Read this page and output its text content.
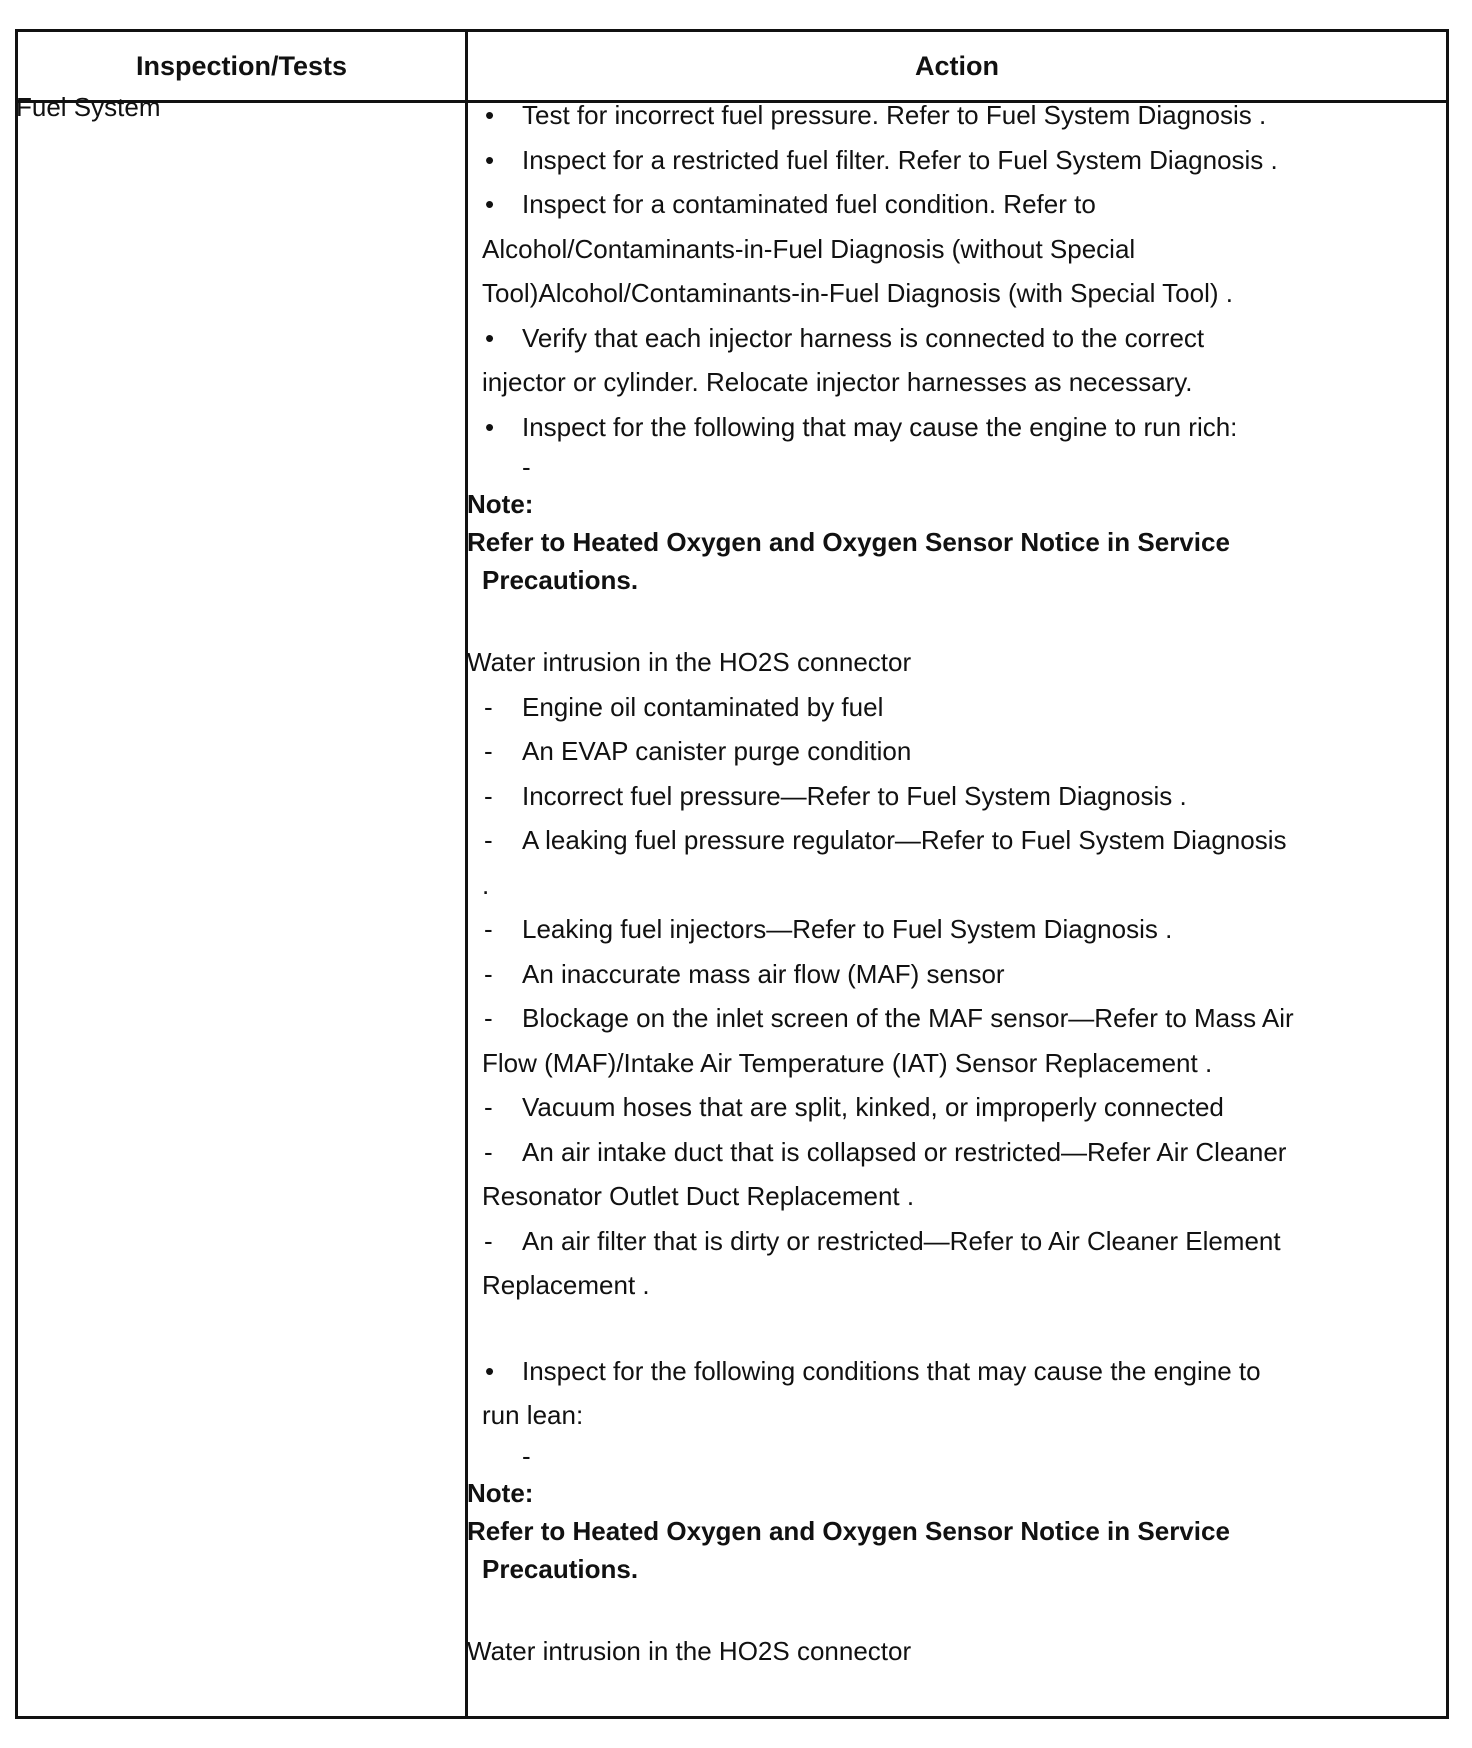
Inspection/Tests	Action
Fuel System	• Test for incorrect fuel pressure. Refer to Fuel System Diagnosis .
• Inspect for a restricted fuel filter. Refer to Fuel System Diagnosis .
• Inspect for a contaminated fuel condition. Refer to
Alcohol/Contaminants-in-Fuel Diagnosis (without Special
Tool)Alcohol/Contaminants-in-Fuel Diagnosis (with Special Tool) .
• Verify that each injector harness is connected to the correct
injector or cylinder. Relocate injector harnesses as necessary.
• Inspect for the following that may cause the engine to run rich:
-
Note:
Refer to Heated Oxygen and Oxygen Sensor Notice in Service
Precautions.
Water intrusion in the HO2S connector
- Engine oil contaminated by fuel
- An EVAP canister purge condition
- Incorrect fuel pressure—Refer to Fuel System Diagnosis .
- A leaking fuel pressure regulator—Refer to Fuel System Diagnosis
.
- Leaking fuel injectors—Refer to Fuel System Diagnosis .
- An inaccurate mass air flow (MAF) sensor
- Blockage on the inlet screen of the MAF sensor—Refer to Mass Air
Flow (MAF)/Intake Air Temperature (IAT) Sensor Replacement .
- Vacuum hoses that are split, kinked, or improperly connected
- An air intake duct that is collapsed or restricted—Refer Air Cleaner
Resonator Outlet Duct Replacement .
- An air filter that is dirty or restricted—Refer to Air Cleaner Element
Replacement .
• Inspect for the following conditions that may cause the engine to
run lean:
-
Note:
Refer to Heated Oxygen and Oxygen Sensor Notice in Service
Precautions.
Water intrusion in the HO2S connector
